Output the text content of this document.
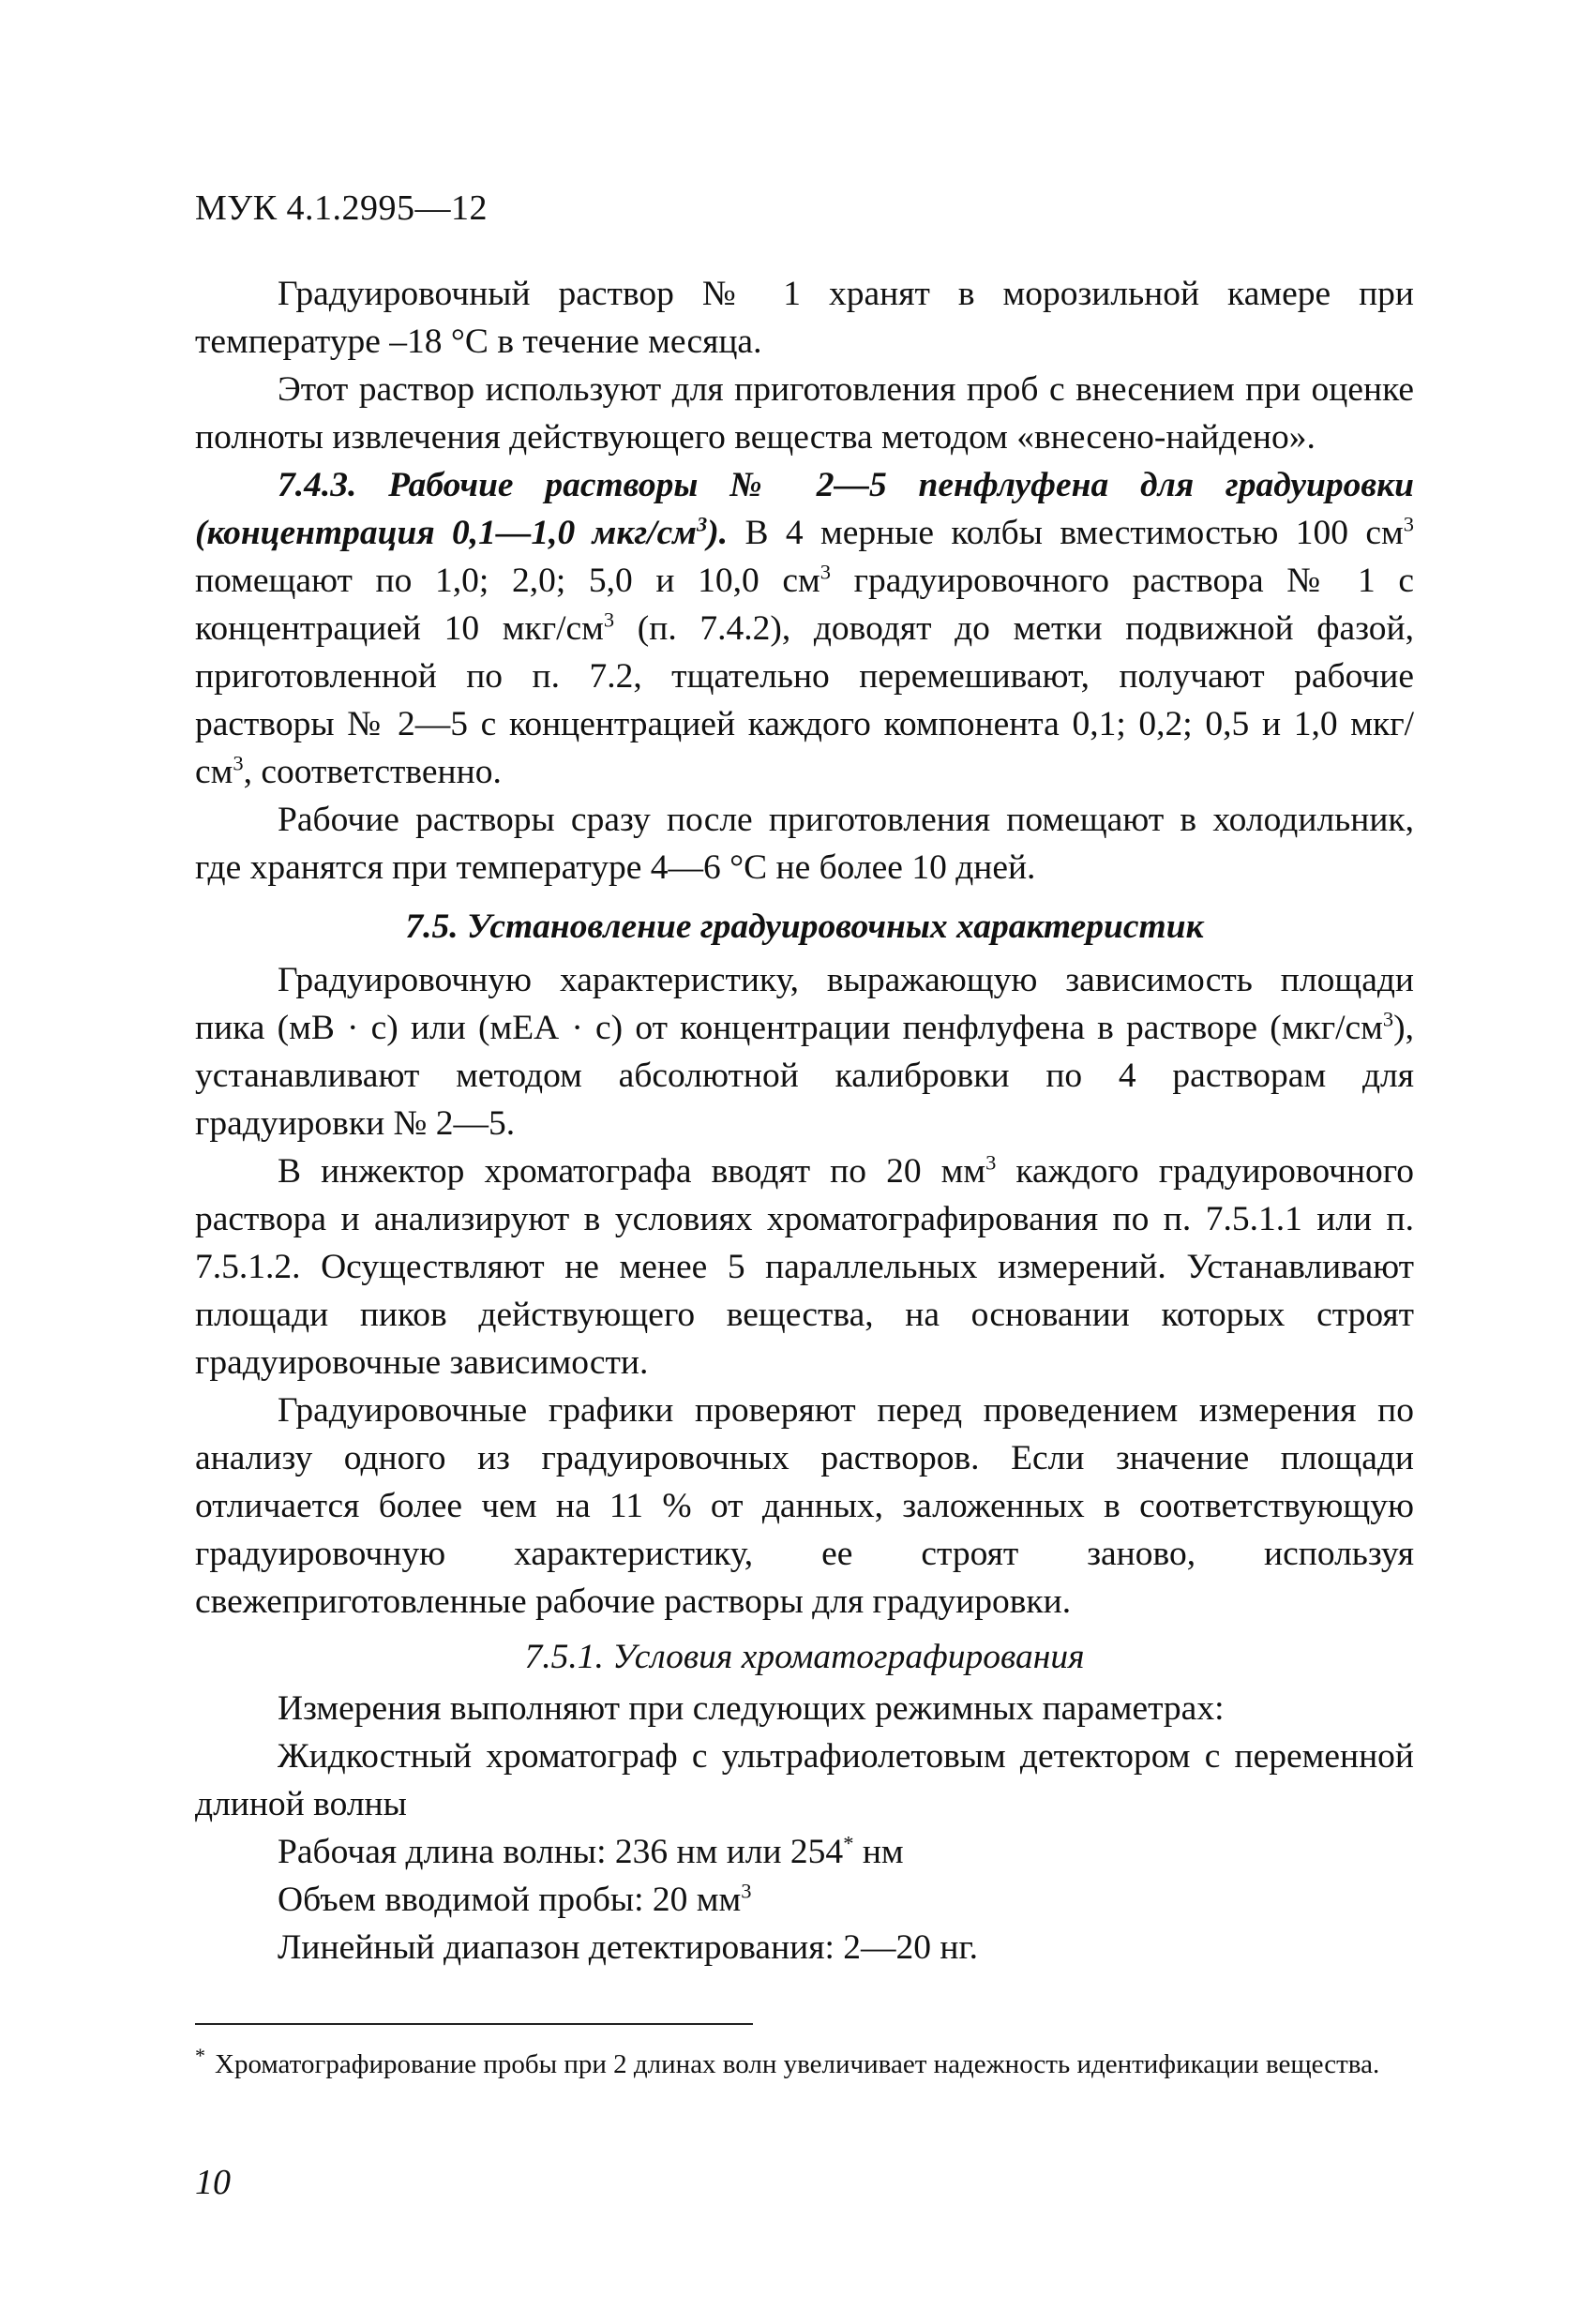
МУК 4.1.2995—12

Градуировочный раствор № 1 хранят в морозильной камере при температуре –18 °С в течение месяца.

Этот раствор используют для приготовления проб с внесением при оценке полноты извлечения действующего вещества методом «внесено-найдено».

7.4.3. Рабочие растворы № 2—5 пенфлуфена для градуировки (концентрация 0,1—1,0 мкг/$см^3$). В 4 мерные колбы вместимостью 100 $см^3$ помещают по 1,0; 2,0; 5,0 и 10,0 $см^3$ градуировочного раствора № 1 с концентрацией 10 мкг/$см^3$ (п. 7.4.2), доводят до метки подвижной фазой, приготовленной по п. 7.2, тщательно перемешивают, получают рабочие растворы № 2—5 с концентрацией каждого компонента 0,1; 0,2; 0,5 и 1,0 мкг/$см^3$, соответственно.

Рабочие растворы сразу после приготовления помещают в холодильник, где хранятся при температуре 4—6 °С не более 10 дней.

7.5. Установление градуировочных характеристик

Градуировочную характеристику, выражающую зависимость площади пика (мВ · с) или (мЕА · с) от концентрации пенфлуфена в растворе $(мкг/см^3)$, устанавливают методом абсолютной калибровки по 4 растворам для градуировки № 2—5.

В инжектор хроматографа вводят по 20 $мм^3$ каждого градуировочного раствора и анализируют в условиях хроматографирования по п. 7.5.1.1 или п. 7.5.1.2. Осуществляют не менее 5 параллельных измерений. Устанавливают площади пиков действующего вещества, на основании которых строят градуировочные зависимости.

Градуировочные графики проверяют перед проведением измерения по анализу одного из градуировочных растворов. Если значение площади отличается более чем на 11 % от данных, заложенных в соответствующую градуировочную характеристику, ее строят заново, используя свежеприготовленные рабочие растворы для градуировки.

7.5.1. Условия хроматографирования

Измерения выполняют при следующих режимных параметрах:

Жидкостный хроматограф с ультрафиолетовым детектором с переменной длиной волны

Рабочая длина волны: 236 нм или 254* нм

Объем вводимой пробы: 20 $мм^3$

Линейный диапазон детектирования: 2—20 нг.

* Хроматографирование пробы при 2 длинах волн увеличивает надежность идентификации вещества.
10
